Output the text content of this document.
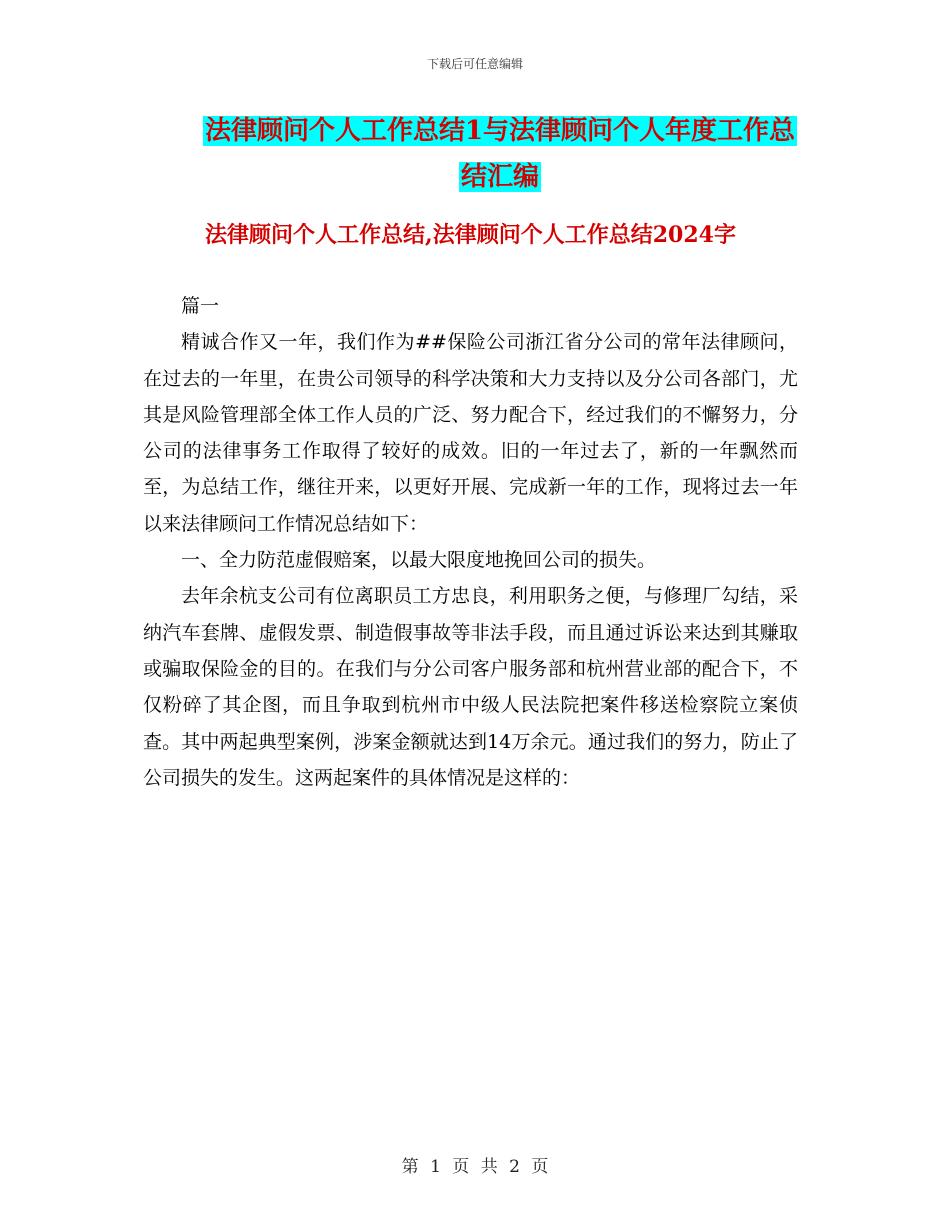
下载后可任意编辑
法律顾问个人工作总结1与法律顾问个人年度工作总
结汇编
法律顾问个人工作总结,法律顾问个人工作总结2024字

篇一

精诚合作又一年，我们作为##保险公司浙江省分公司的常年法律顾问，在过去的一年里，在贵公司领导的科学决策和大力支持以及分公司各部门，尤其是风险管理部全体工作人员的广泛、努力配合下，经过我们的不懈努力，分公司的法律事务工作取得了较好的成效。旧的一年过去了，新的一年飘然而至，为总结工作，继往开来，以更好开展、完成新一年的工作，现将过去一年以来法律顾问工作情况总结如下：

一、全力防范虚假赔案，以最大限度地挽回公司的损失。

去年余杭支公司有位离职员工方忠良，利用职务之便，与修理厂勾结，采纳汽车套牌、虚假发票、制造假事故等非法手段，而且通过诉讼来达到其赚取或骗取保险金的目的。在我们与分公司客户服务部和杭州营业部的配合下，不仅粉碎了其企图，而且争取到杭州市中级人民法院把案件移送检察院立案侦查。其中两起典型案例，涉案金额就达到14万余元。通过我们的努力，防止了公司损失的发生。这两起案件的具体情况是这样的：

第 1 页 共 2 页
